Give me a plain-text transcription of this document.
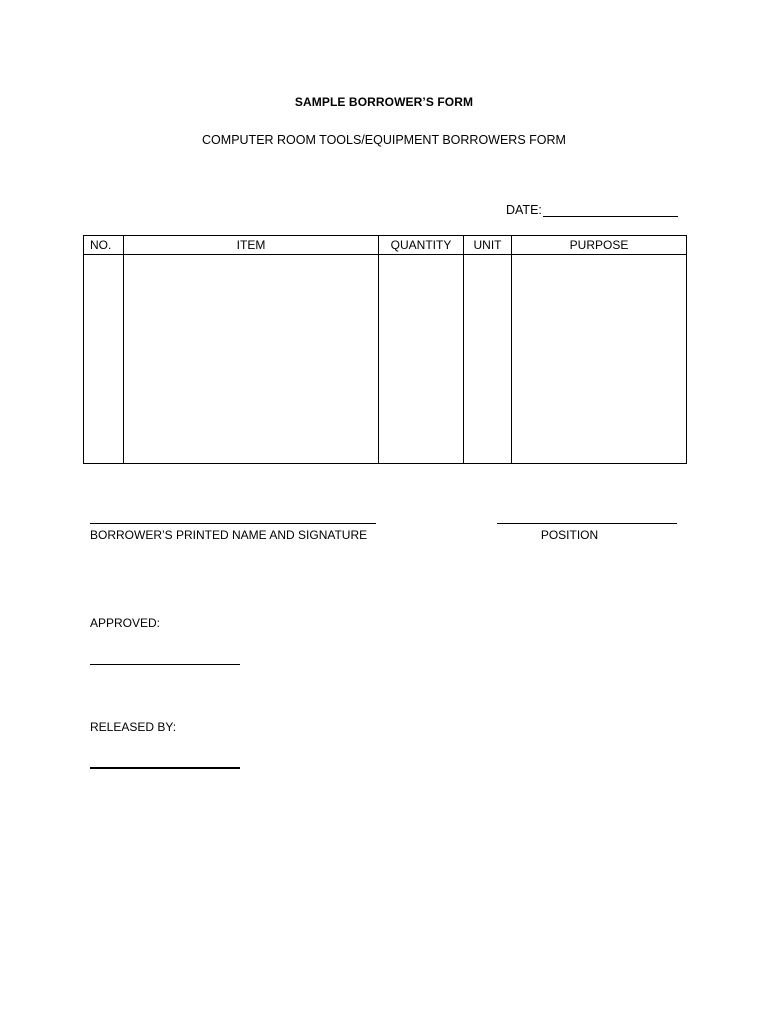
SAMPLE BORROWER’S FORM
COMPUTER ROOM TOOLS/EQUIPMENT BORROWERS FORM
DATE:
NO.	ITEM	QUANTITY	UNIT	PURPOSE

BORROWER’S PRINTED NAME AND SIGNATURE	POSITION
APPROVED:
RELEASED BY:
